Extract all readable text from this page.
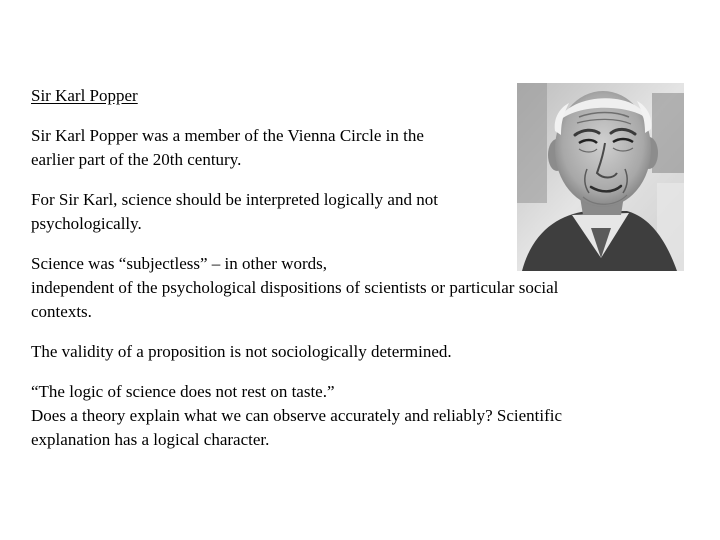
Sir Karl Popper

Sir Karl Popper was a member of the Vienna Circle in the

earlier part of the 20th century.

For Sir Karl, science should be interpreted logically and not

psychologically.

Science was “subjectless” – in other words,

independent of the psychological dispositions of scientists or particular social

contexts.

The validity of a proposition is not sociologically determined.

“The logic of science does not rest on taste.”

Does a theory explain what we can observe accurately and reliably? Scientific

explanation has a logical character.
